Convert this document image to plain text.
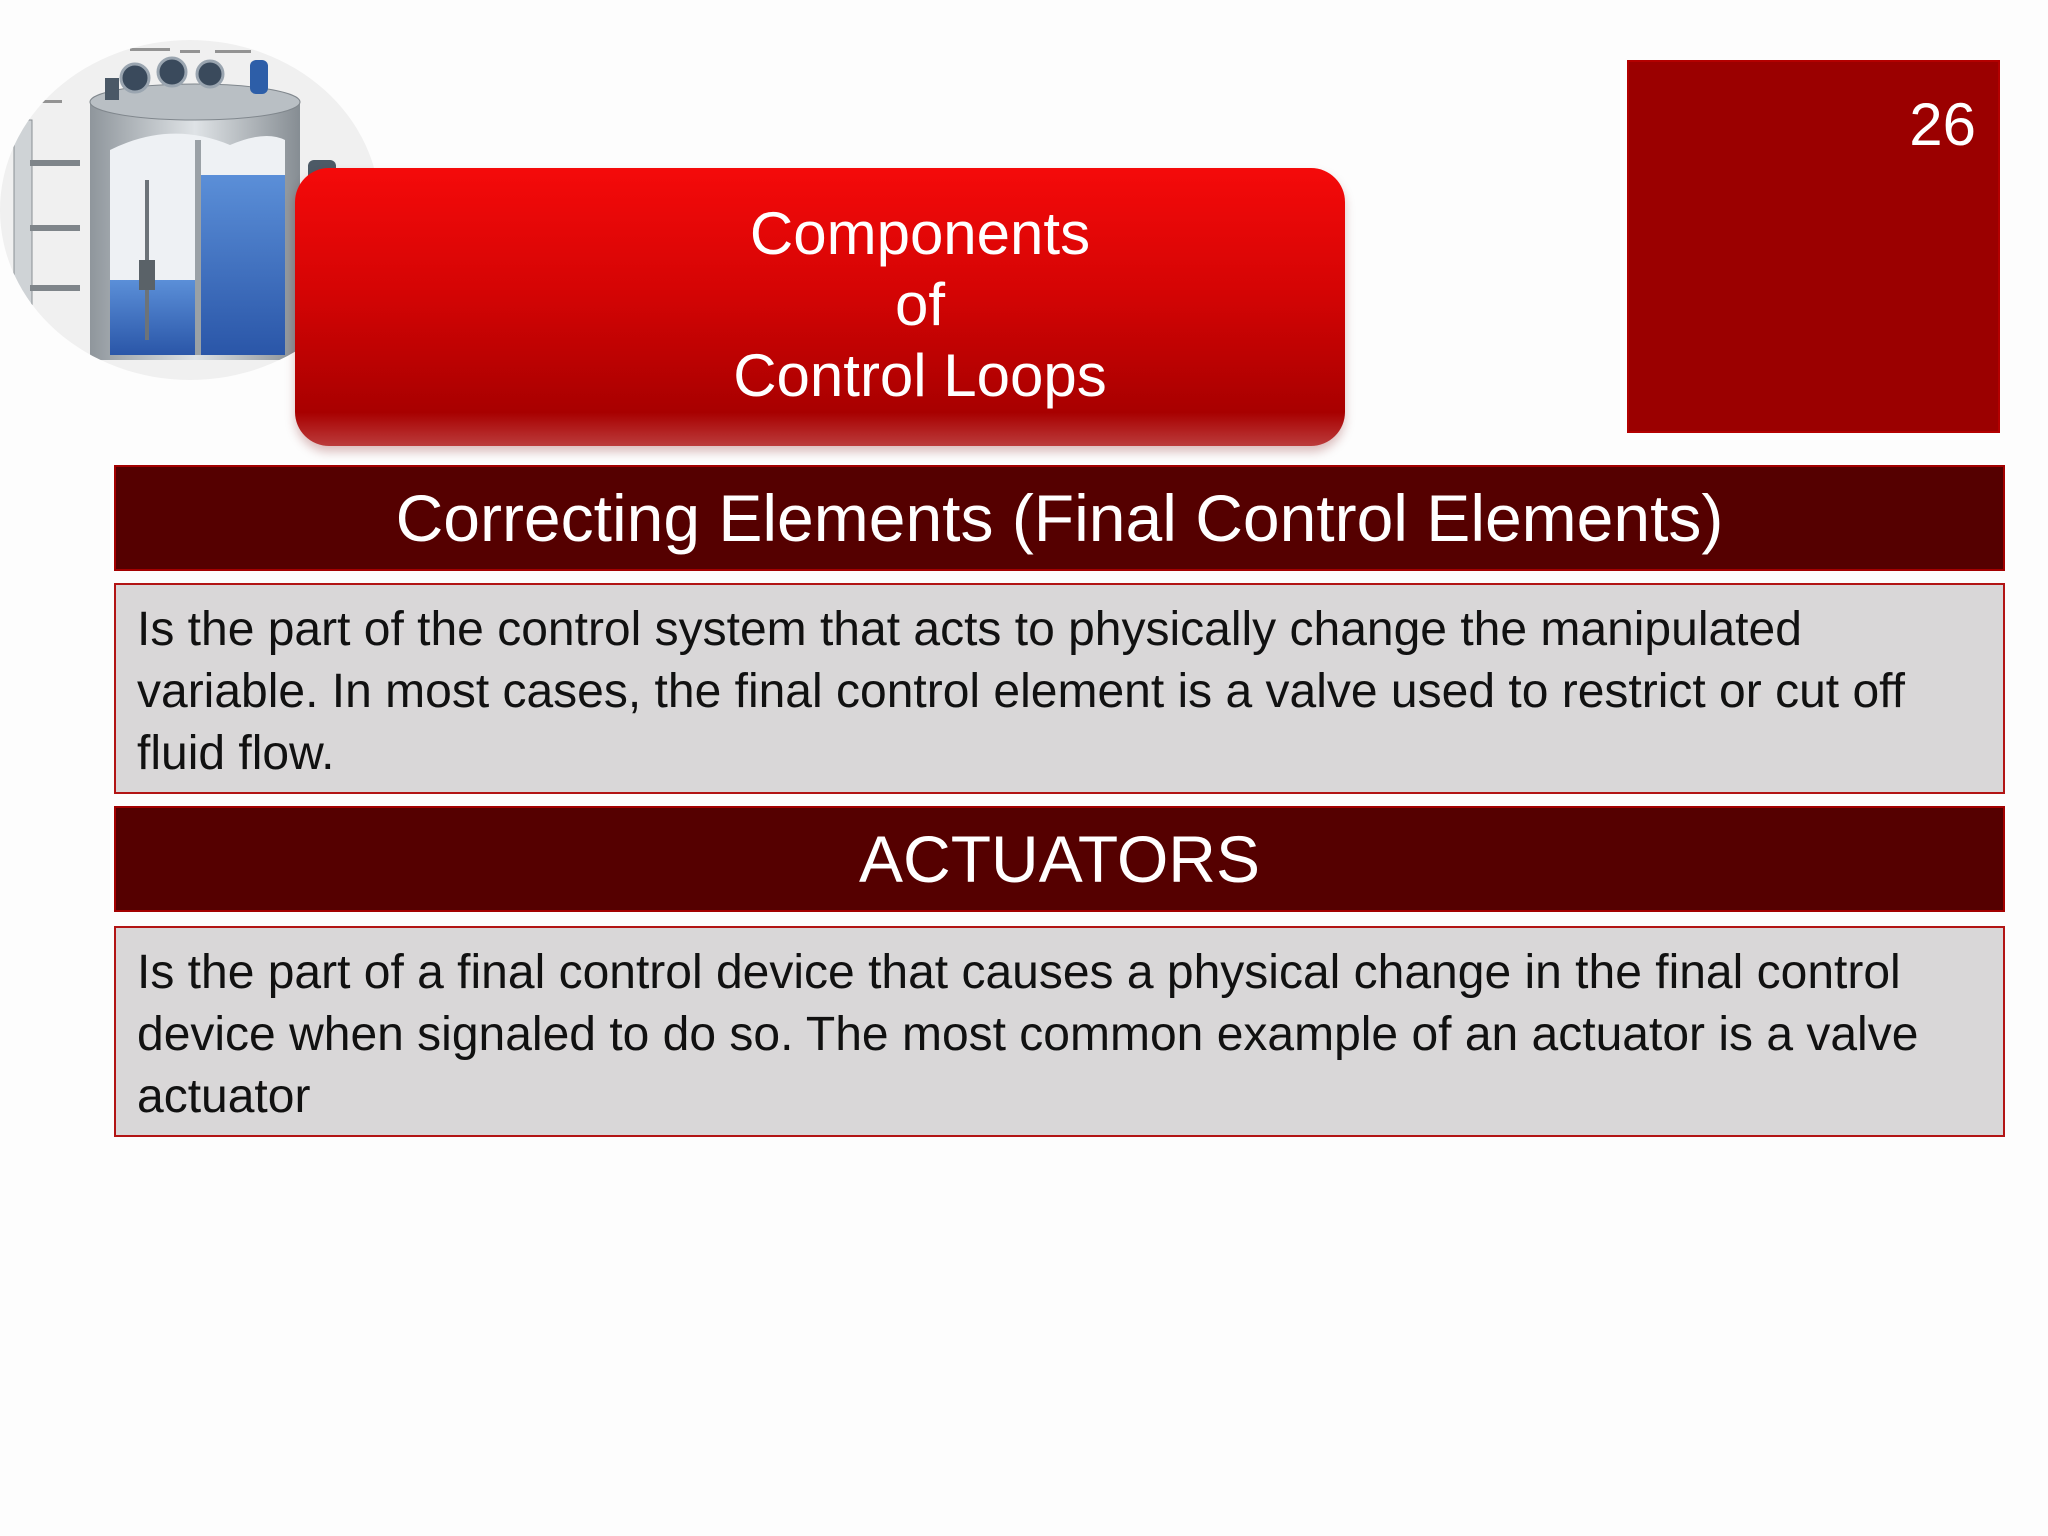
Components
of
Control Loops
26
Correcting Elements (Final Control Elements)
Is the part of the control system that acts to physically change the manipulated variable. In most cases, the final control element is a valve used to restrict or cut off fluid flow.
ACTUATORS
Is the part of a final control device that causes a physical change in the final control device when signaled to do so. The most common example of an actuator is a valve actuator
